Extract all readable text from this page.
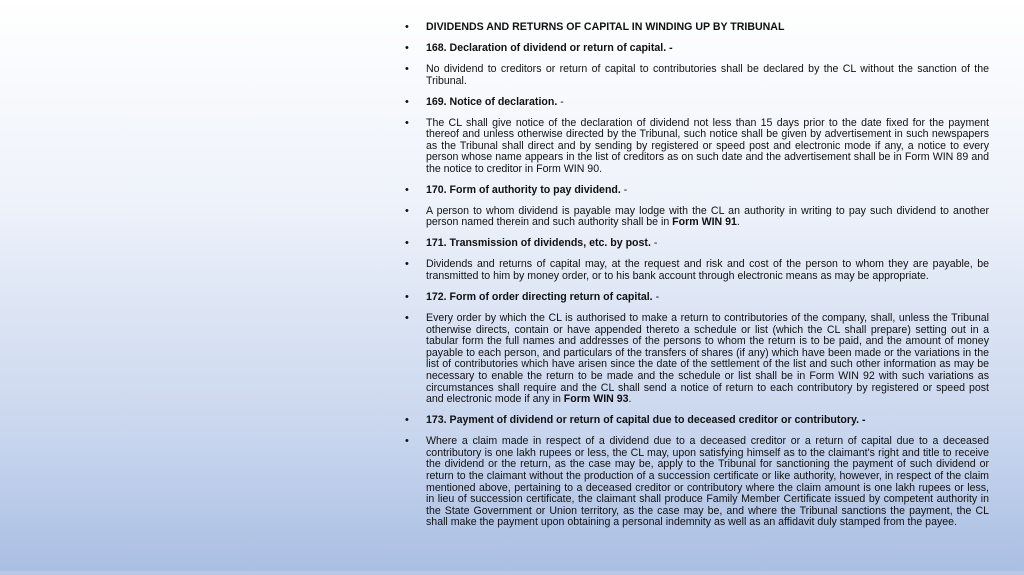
• DIVIDENDS AND RETURNS OF CAPITAL IN WINDING UP BY TRIBUNAL
• 168. Declaration of dividend or return of capital. -
• No dividend to creditors or return of capital to contributories shall be declared by the CL without the sanction of the Tribunal.
• 169. Notice of declaration. -
• The CL shall give notice of the declaration of dividend not less than 15 days prior to the date fixed for the payment thereof and unless otherwise directed by the Tribunal, such notice shall be given by advertisement in such newspapers as the Tribunal shall direct and by sending by registered or speed post and electronic mode if any, a notice to every person whose name appears in the list of creditors as on such date and the advertisement shall be in Form WIN 89 and the notice to creditor in Form WIN 90.
• 170. Form of authority to pay dividend. -
• A person to whom dividend is payable may lodge with the CL an authority in writing to pay such dividend to another person named therein and such authority shall be in Form WIN 91.
• 171. Transmission of dividends, etc. by post. -
• Dividends and returns of capital may, at the request and risk and cost of the person to whom they are payable, be transmitted to him by money order, or to his bank account through electronic means as may be appropriate.
• 172. Form of order directing return of capital. -
• Every order by which the CL is authorised to make a return to contributories of the company, shall, unless the Tribunal otherwise directs, contain or have appended thereto a schedule or list (which the CL shall prepare) setting out in a tabular form the full names and addresses of the persons to whom the return is to be paid, and the amount of money payable to each person, and particulars of the transfers of shares (if any) which have been made or the variations in the list of contributories which have arisen since the date of the settlement of the list and such other information as may be necessary to enable the return to be made and the schedule or list shall be in Form WIN 92 with such variations as circumstances shall require and the CL shall send a notice of return to each contributory by registered or speed post and electronic mode if any in Form WIN 93.
• 173. Payment of dividend or return of capital due to deceased creditor or contributory. -
• Where a claim made in respect of a dividend due to a deceased creditor or a return of capital due to a deceased contributory is one lakh rupees or less, the CL may, upon satisfying himself as to the claimant's right and title to receive the dividend or the return, as the case may be, apply to the Tribunal for sanctioning the payment of such dividend or return to the claimant without the production of a succession certificate or like authority, however, in respect of the claim mentioned above, pertaining to a deceased creditor or contributory where the claim amount is one lakh rupees or less, in lieu of succession certificate, the claimant shall produce Family Member Certificate issued by competent authority in the State Government or Union territory, as the case may be, and where the Tribunal sanctions the payment, the CL shall make the payment upon obtaining a personal indemnity as well as an affidavit duly stamped from the payee.
